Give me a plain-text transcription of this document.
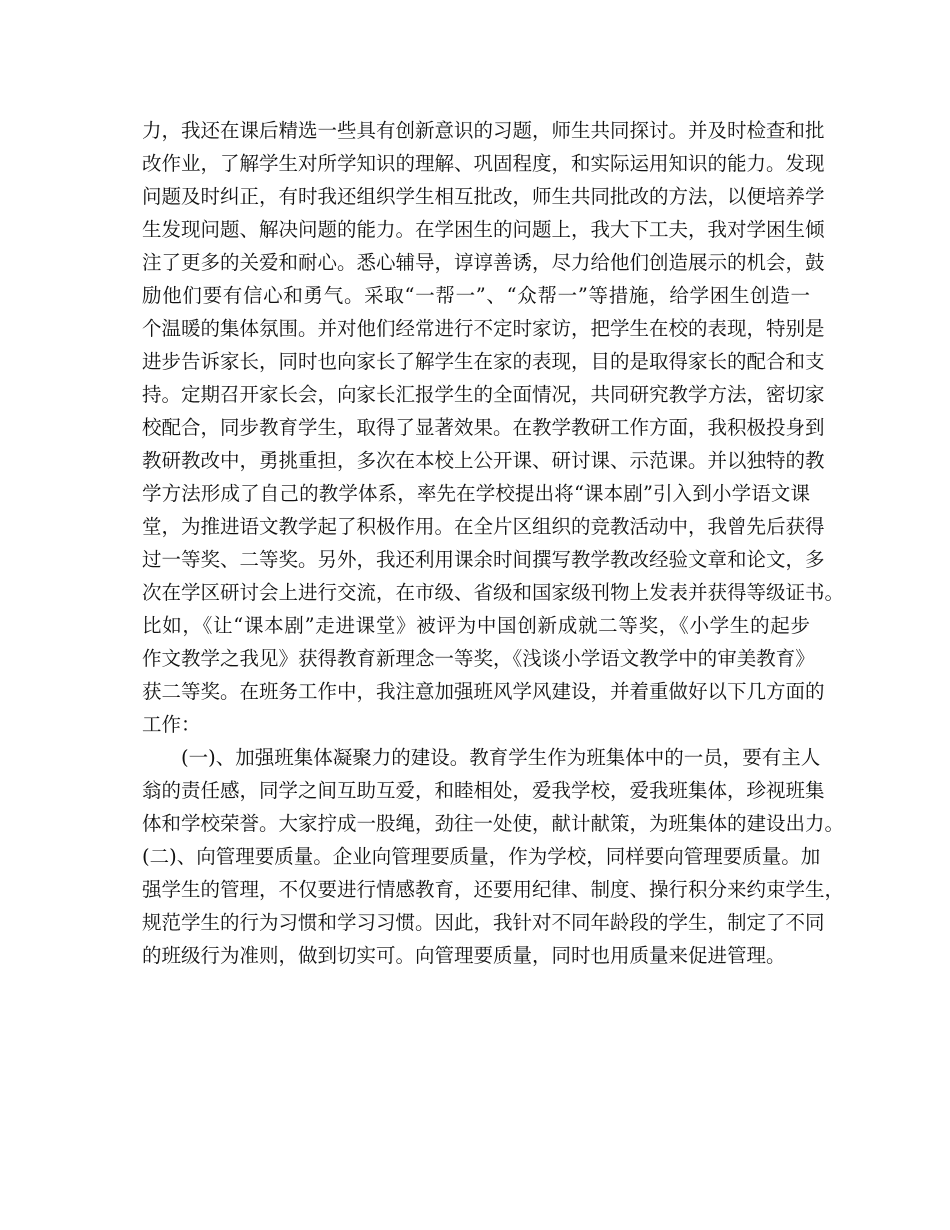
力，我还在课后精选一些具有创新意识的习题，师生共同探讨。并及时检查和批
改作业，了解学生对所学知识的理解、巩固程度，和实际运用知识的能力。发现
问题及时纠正，有时我还组织学生相互批改，师生共同批改的方法，以便培养学
生发现问题、解决问题的能力。在学困生的问题上，我大下工夫，我对学困生倾
注了更多的关爱和耐心。悉心辅导，谆谆善诱，尽力给他们创造展示的机会，鼓
励他们要有信心和勇气。采取“一帮一”、“众帮一”等措施，给学困生创造一
个温暖的集体氛围。并对他们经常进行不定时家访，把学生在校的表现，特别是
进步告诉家长，同时也向家长了解学生在家的表现，目的是取得家长的配合和支
持。定期召开家长会，向家长汇报学生的全面情况，共同研究教学方法，密切家
校配合，同步教育学生，取得了显著效果。在教学教研工作方面，我积极投身到
教研教改中，勇挑重担，多次在本校上公开课、研讨课、示范课。并以独特的教
学方法形成了自己的教学体系，率先在学校提出将“课本剧”引入到小学语文课
堂，为推进语文教学起了积极作用。在全片区组织的竞教活动中，我曾先后获得
过一等奖、二等奖。另外，我还利用课余时间撰写教学教改经验文章和论文，多
次在学区研讨会上进行交流，在市级、省级和国家级刊物上发表并获得等级证书。
比如，《让“课本剧”走进课堂》被评为中国创新成就二等奖，《小学生的起步
作文教学之我见》获得教育新理念一等奖，《浅谈小学语文教学中的审美教育》
获二等奖。在班务工作中，我注意加强班风学风建设，并着重做好以下几方面的
工作：
(一)、加强班集体凝聚力的建设。教育学生作为班集体中的一员，要有主人
翁的责任感，同学之间互助互爱，和睦相处，爱我学校，爱我班集体，珍视班集
体和学校荣誉。大家拧成一股绳，劲往一处使，献计献策，为班集体的建设出力。
(二)、向管理要质量。企业向管理要质量，作为学校，同样要向管理要质量。加
强学生的管理，不仅要进行情感教育，还要用纪律、制度、操行积分来约束学生，
规范学生的行为习惯和学习习惯。因此，我针对不同年龄段的学生，制定了不同
的班级行为准则，做到切实可。向管理要质量，同时也用质量来促进管理。
